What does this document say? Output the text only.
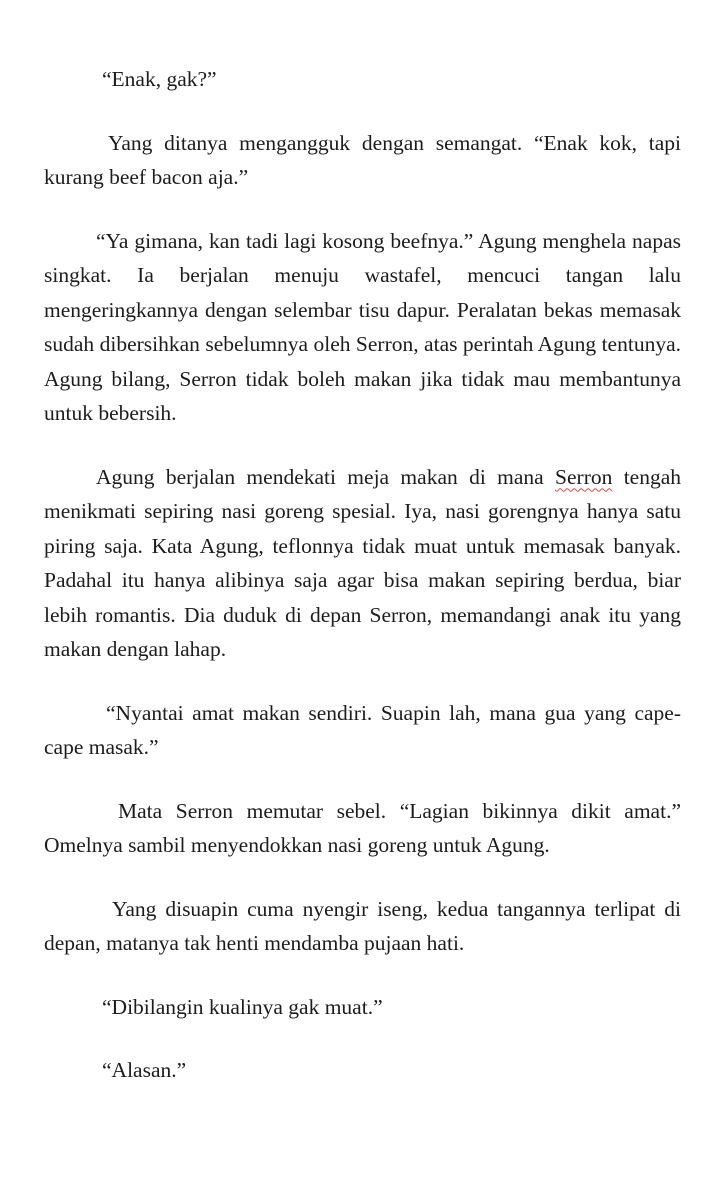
“Enak, gak?”

Yang ditanya mengangguk dengan semangat. “Enak kok, tapi kurang beef bacon aja.”

“Ya gimana, kan tadi lagi kosong beefnya.” Agung menghela napas singkat. Ia berjalan menuju wastafel, mencuci tangan lalu mengeringkannya dengan selembar tisu dapur. Peralatan bekas memasak sudah dibersihkan sebelumnya oleh Serron, atas perintah Agung tentunya. Agung bilang, Serron tidak boleh makan jika tidak mau membantunya untuk bebersih.

Agung berjalan mendekati meja makan di mana Serron tengah menikmati sepiring nasi goreng spesial. Iya, nasi gorengnya hanya satu piring saja. Kata Agung, teflonnya tidak muat untuk memasak banyak. Padahal itu hanya alibinya saja agar bisa makan sepiring berdua, biar lebih romantis. Dia duduk di depan Serron, memandangi anak itu yang makan dengan lahap.

“Nyantai amat makan sendiri. Suapin lah, mana gua yang cape-cape masak.”

Mata Serron memutar sebel. “Lagian bikinnya dikit amat.” Omelnya sambil menyendokkan nasi goreng untuk Agung.

Yang disuapin cuma nyengir iseng, kedua tangannya terlipat di depan, matanya tak henti mendamba pujaan hati.

“Dibilangin kualinya gak muat.”

“Alasan.”
